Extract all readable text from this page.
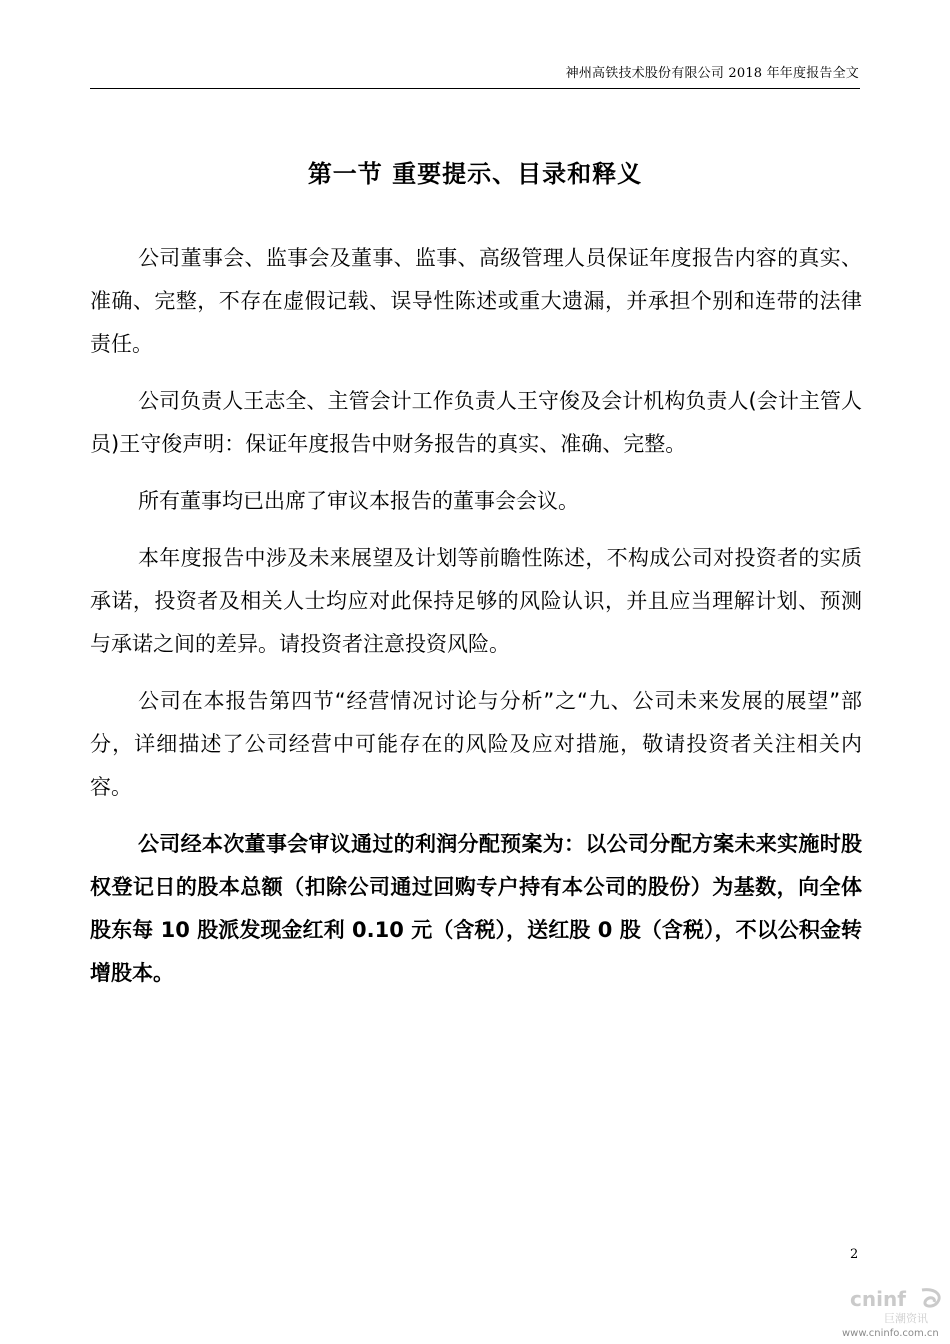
神州高铁技术股份有限公司 2018 年年度报告全文
第一节 重要提示、目录和释义

公司董事会、监事会及董事、监事、高级管理人员保证年度报告内容的真实、准确、完整，不存在虚假记载、误导性陈述或重大遗漏，并承担个别和连带的法律责任。

公司负责人王志全、主管会计工作负责人王守俊及会计机构负责人(会计主管人员)王守俊声明：保证年度报告中财务报告的真实、准确、完整。

所有董事均已出席了审议本报告的董事会会议。

本年度报告中涉及未来展望及计划等前瞻性陈述，不构成公司对投资者的实质承诺，投资者及相关人士均应对此保持足够的风险认识，并且应当理解计划、预测与承诺之间的差异。请投资者注意投资风险。

公司在本报告第四节“经营情况讨论与分析”之“九、公司未来发展的展望”部分，详细描述了公司经营中可能存在的风险及应对措施，敬请投资者关注相关内容。

公司经本次董事会审议通过的利润分配预案为：以公司分配方案未来实施时股权登记日的股本总额（扣除公司通过回购专户持有本公司的股份）为基数，向全体股东每 10 股派发现金红利 0.10 元（含税），送红股 0 股（含税），不以公积金转增股本。

2
cninf
巨潮资讯
www.cninfo.com.cn
